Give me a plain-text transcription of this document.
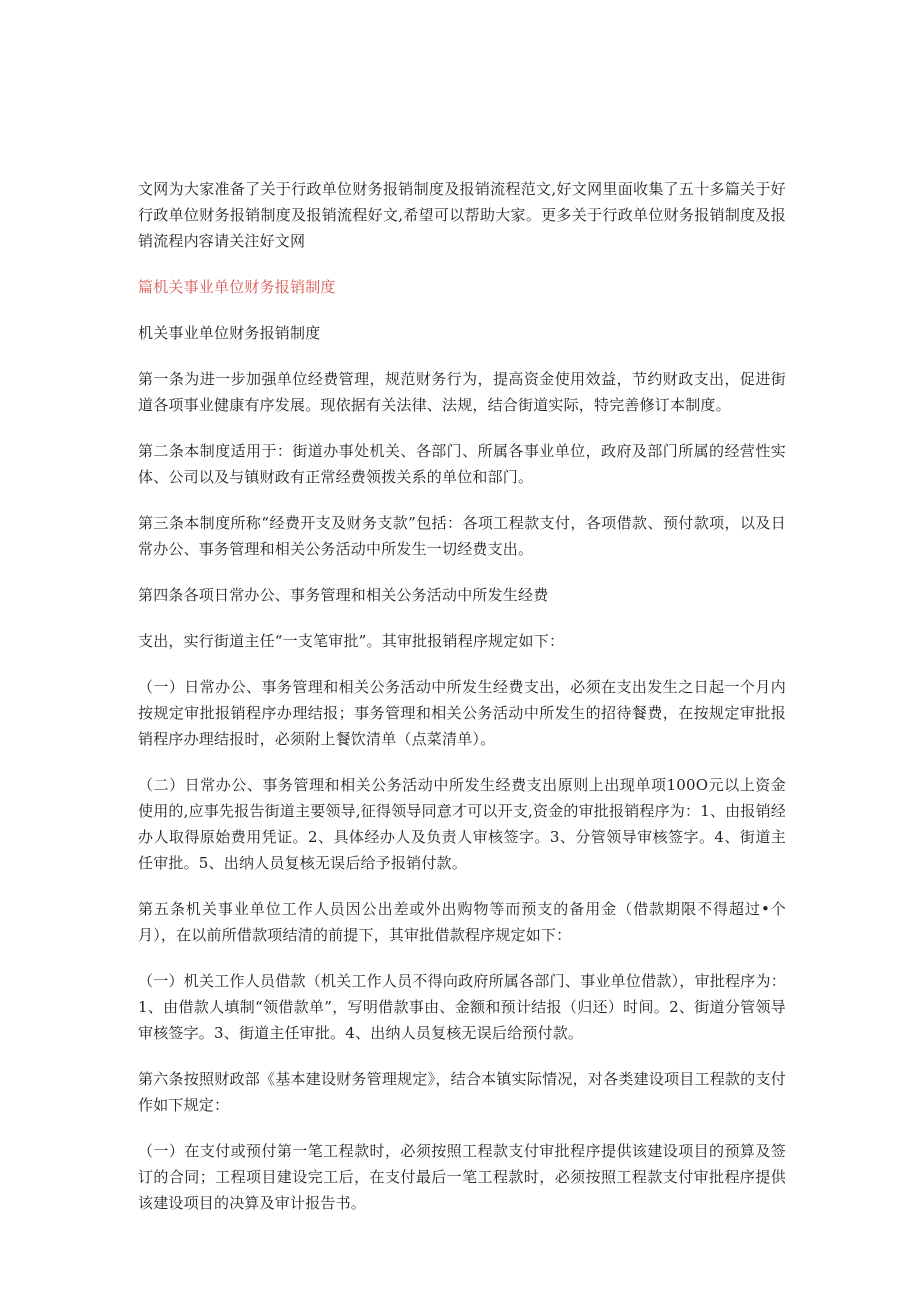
文网为大家准备了关于行政单位财务报销制度及报销流程范文,好文网里面收集了五十多篇关于好行政单位财务报销制度及报销流程好文,希望可以帮助大家。更多关于行政单位财务报销制度及报销流程内容请关注好文网

篇机关事业单位财务报销制度

机关事业单位财务报销制度

第一条为进一步加强单位经费管理，规范财务行为，提高资金使用效益，节约财政支出，促进街道各项事业健康有序发展。现依据有关法律、法规，结合街道实际，特完善修订本制度。

第二条本制度适用于：街道办事处机关、各部门、所属各事业单位，政府及部门所属的经营性实体、公司以及与镇财政有正常经费领拨关系的单位和部门。

第三条本制度所称“经费开支及财务支款”包括：各项工程款支付，各项借款、预付款项，以及日常办公、事务管理和相关公务活动中所发生一切经费支出。

第四条各项日常办公、事务管理和相关公务活动中所发生经费

支出，实行街道主任“一支笔审批”。其审批报销程序规定如下：

（一）日常办公、事务管理和相关公务活动中所发生经费支出，必须在支出发生之日起一个月内按规定审批报销程序办理结报；事务管理和相关公务活动中所发生的招待餐费，在按规定审批报销程序办理结报时，必须附上餐饮清单（点菜清单）。

（二）日常办公、事务管理和相关公务活动中所发生经费支出原则上出现单项100O元以上资金使用的,应事先报告街道主要领导,征得领导同意才可以开支,资金的审批报销程序为：1、由报销经办人取得原始费用凭证。2、具体经办人及负责人审核签字。3、分管领导审核签字。4、街道主任审批。5、出纳人员复核无误后给予报销付款。

第五条机关事业单位工作人员因公出差或外出购物等而预支的备用金（借款期限不得超过•个月），在以前所借款项结清的前提下，其审批借款程序规定如下：

（一）机关工作人员借款（机关工作人员不得向政府所属各部门、事业单位借款），审批程序为：1、由借款人填制“领借款单”，写明借款事由、金额和预计结报（归还）时间。2、街道分管领导审核签字。3、街道主任审批。4、出纳人员复核无误后给预付款。

第六条按照财政部《基本建设财务管理规定》，结合本镇实际情况，对各类建设项目工程款的支付作如下规定：

（一）在支付或预付第一笔工程款时，必须按照工程款支付审批程序提供该建设项目的预算及签订的合同；工程项目建设完工后，在支付最后一笔工程款时，必须按照工程款支付审批程序提供该建设项目的决算及审计报告书。
